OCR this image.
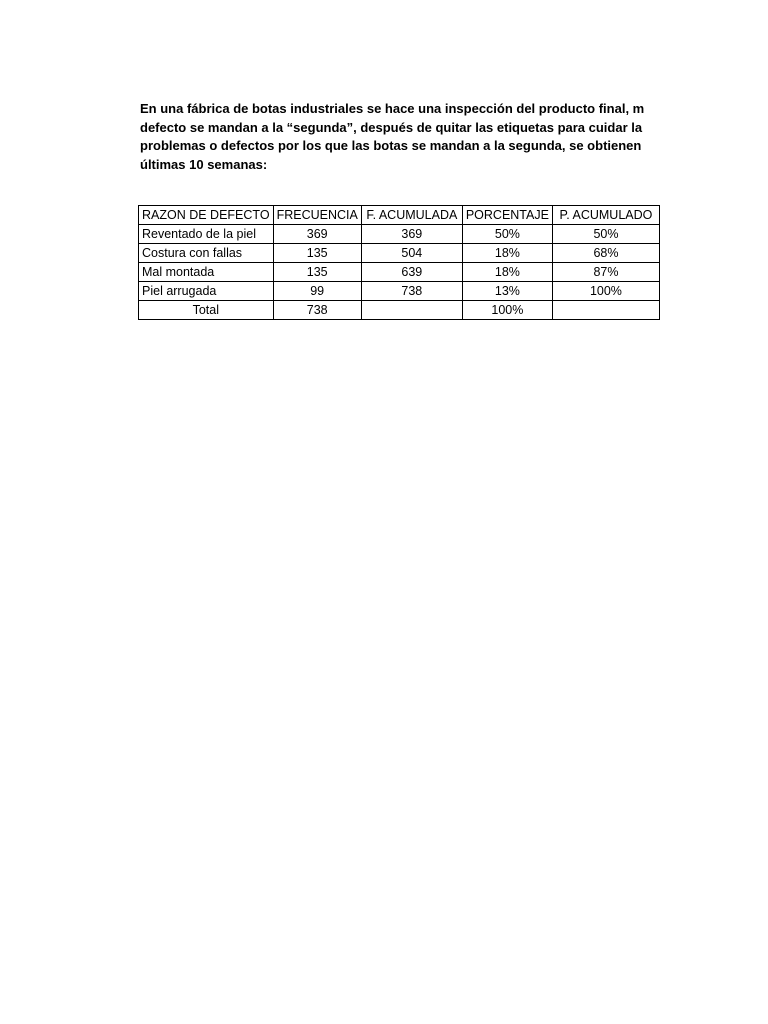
En una fábrica de botas industriales se hace una inspección del producto final, m
defecto se mandan a la “segunda”, después de quitar las etiquetas para cuidar la
problemas o defectos por los que las botas se mandan a la segunda, se obtienen
últimas 10 semanas:
RAZON DE DEFECTO	FRECUENCIA	F. ACUMULADA	PORCENTAJE	P. ACUMULADO
Reventado de la piel	369	369	50%	50%
Costura con fallas	135	504	18%	68%
Mal montada	135	639	18%	87%
Piel arrugada	99	738	13%	100%
Total	738		100%	
